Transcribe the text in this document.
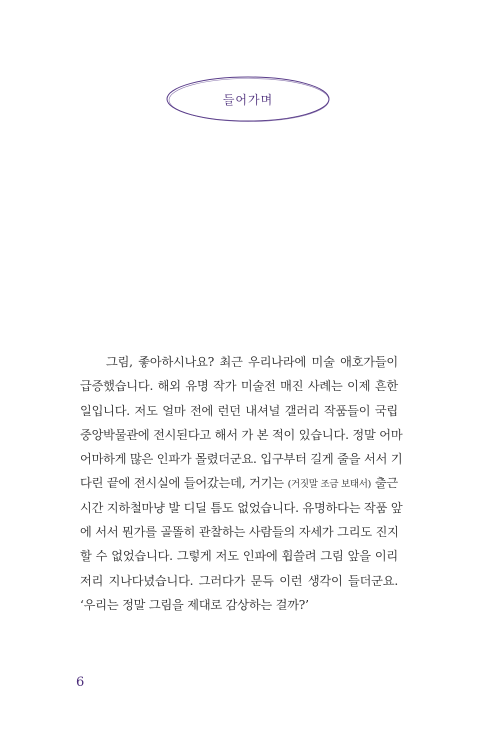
들어가며
그림, 좋아하시나요? 최근 우리나라에 미술 애호가들이
급증했습니다. 해외 유명 작가 미술전 매진 사례는 이제 흔한
일입니다. 저도 얼마 전에 런던 내셔널 갤러리 작품들이 국립
중앙박물관에 전시된다고 해서 가 본 적이 있습니다. 정말 어마
어마하게 많은 인파가 몰렸더군요. 입구부터 길게 줄을 서서 기
다린 끝에 전시실에 들어갔는데, 거기는 (거짓말 조금 보태서) 출근
시간 지하철마냥 발 디딜 틈도 없었습니다. 유명하다는 작품 앞
에 서서 뭔가를 골똘히 관찰하는 사람들의 자세가 그리도 진지
할 수 없었습니다. 그렇게 저도 인파에 휩쓸려 그림 앞을 이리
저리 지나다녔습니다. 그러다가 문득 이런 생각이 들더군요.
‘우리는 정말 그림을 제대로 감상하는 걸까?’
6
